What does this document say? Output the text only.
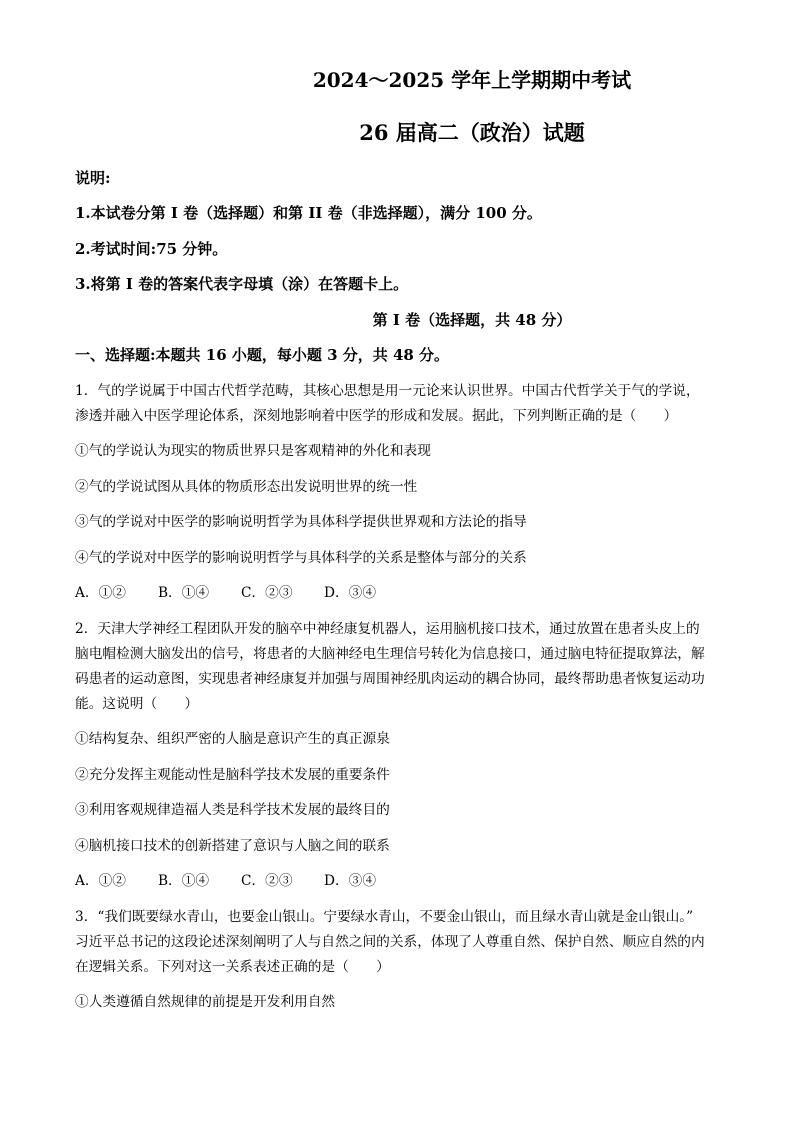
2024～2025 学年上学期期中考试
26 届高二（政治）试题

说明:

1.本试卷分第 I 卷（选择题）和第 II 卷（非选择题），满分 100 分。

2.考试时间:75 分钟。

3.将第 I 卷的答案代表字母填（涂）在答题卡上。

第 I 卷（选择题，共 48 分）

一、选择题:本题共 16 小题，每小题 3 分，共 48 分。

1．气的学说属于中国古代哲学范畴，其核心思想是用一元论来认识世界。中国古代哲学关于气的学说，
渗透并融入中医学理论体系，深刻地影响着中医学的形成和发展。据此，下列判断正确的是（　　）

①气的学说认为现实的物质世界只是客观精神的外化和表现

②气的学说试图从具体的物质形态出发说明世界的统一性

③气的学说对中医学的影响说明哲学为具体科学提供世界观和方法论的指导

④气的学说对中医学的影响说明哲学与具体科学的关系是整体与部分的关系

A．①② B．①④ C．②③ D．③④

2．天津大学神经工程团队开发的脑卒中神经康复机器人，运用脑机接口技术，通过放置在患者头皮上的
脑电帽检测大脑发出的信号，将患者的大脑神经电生理信号转化为信息接口，通过脑电特征提取算法，解
码患者的运动意图，实现患者神经康复并加强与周围神经肌肉运动的耦合协同，最终帮助患者恢复运动功
能。这说明（　　）

①结构复杂、组织严密的人脑是意识产生的真正源泉

②充分发挥主观能动性是脑科学技术发展的重要条件

③利用客观规律造福人类是科学技术发展的最终目的

④脑机接口技术的创新搭建了意识与人脑之间的联系

A．①② B．①④ C．②③ D．③④

3．“我们既要绿水青山，也要金山银山。宁要绿水青山，不要金山银山，而且绿水青山就是金山银山。”
习近平总书记的这段论述深刻阐明了人与自然之间的关系，体现了人尊重自然、保护自然、顺应自然的内
在逻辑关系。下列对这一关系表述正确的是（　　）

①人类遵循自然规律的前提是开发利用自然
